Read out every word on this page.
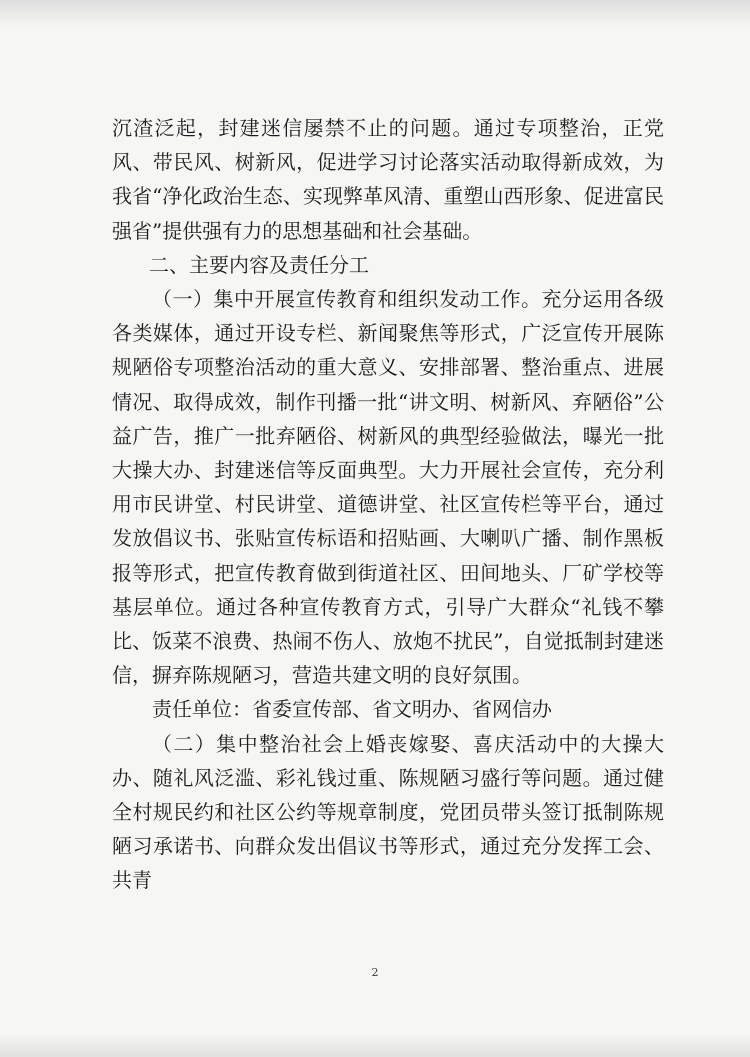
沉渣泛起，封建迷信屡禁不止的问题。通过专项整治，正党风、带民风、树新风，促进学习讨论落实活动取得新成效，为我省“净化政治生态、实现弊革风清、重塑山西形象、促进富民强省”提供强有力的思想基础和社会基础。

二、主要内容及责任分工

（一）集中开展宣传教育和组织发动工作。充分运用各级各类媒体，通过开设专栏、新闻聚焦等形式，广泛宣传开展陈规陋俗专项整治活动的重大意义、安排部署、整治重点、进展情况、取得成效，制作刊播一批“讲文明、树新风、弃陋俗”公益广告，推广一批弃陋俗、树新风的典型经验做法，曝光一批大操大办、封建迷信等反面典型。大力开展社会宣传，充分利用市民讲堂、村民讲堂、道德讲堂、社区宣传栏等平台，通过发放倡议书、张贴宣传标语和招贴画、大喇叭广播、制作黑板报等形式，把宣传教育做到街道社区、田间地头、厂矿学校等基层单位。通过各种宣传教育方式，引导广大群众“礼钱不攀比、饭菜不浪费、热闹不伤人、放炮不扰民”，自觉抵制封建迷信，摒弃陈规陋习，营造共建文明的良好氛围。

责任单位：省委宣传部、省文明办、省网信办

（二）集中整治社会上婚丧嫁娶、喜庆活动中的大操大办、随礼风泛滥、彩礼钱过重、陈规陋习盛行等问题。通过健全村规民约和社区公约等规章制度，党团员带头签订抵制陈规陋习承诺书、向群众发出倡议书等形式，通过充分发挥工会、共青

2
